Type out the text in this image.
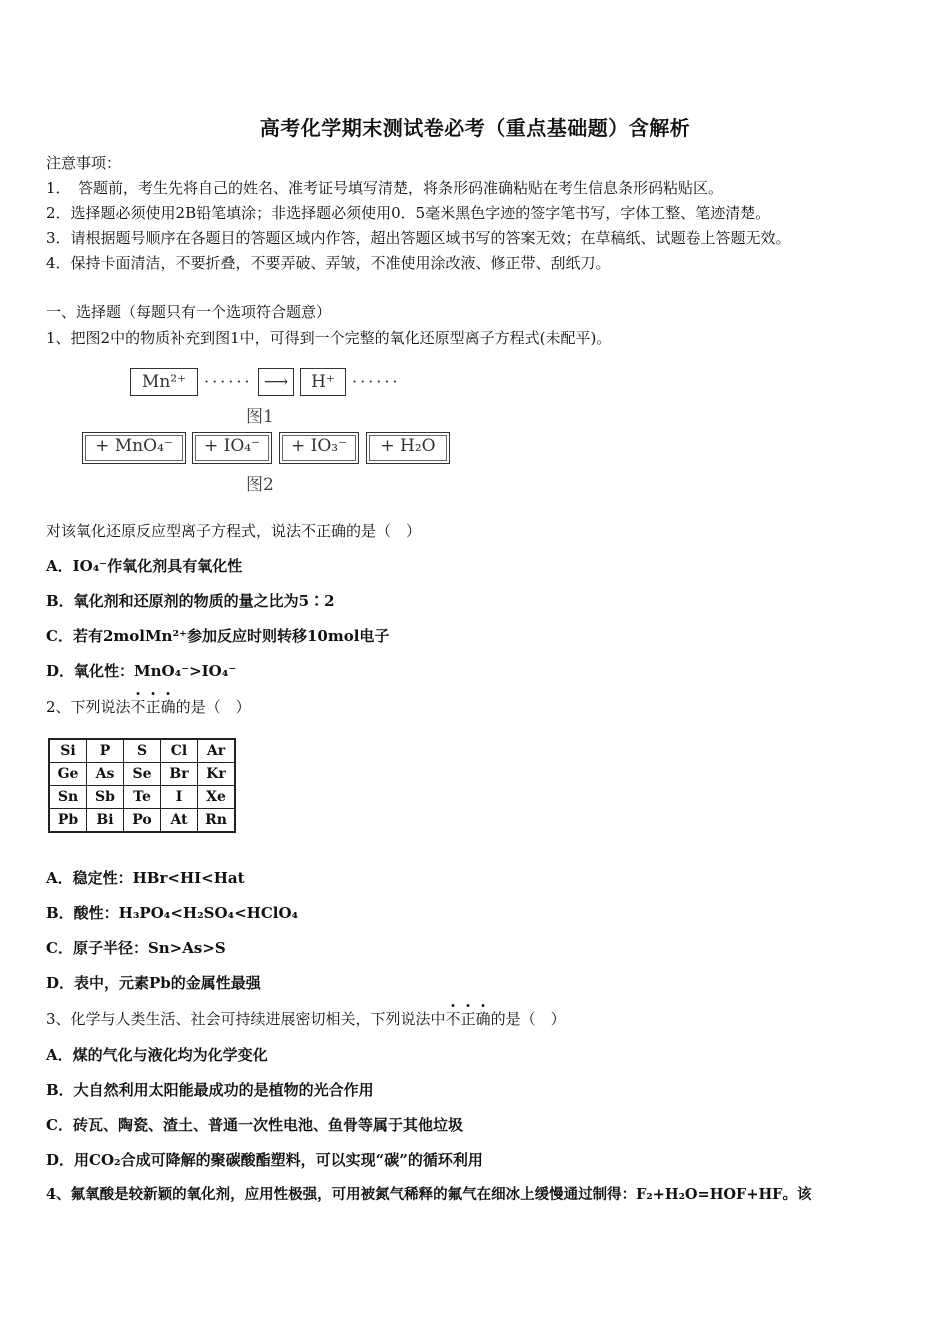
高考化学期末测试卷必考（重点基础题）含解析
注意事项：
1．　答题前，考生先将自己的姓名、准考证号填写清楚，将条形码准确粘贴在考生信息条形码粘贴区。
2．选择题必须使用2B铅笔填涂；非选择题必须使用0．5毫米黑色字迹的签字笔书写，字体工整、笔迹清楚。
3．请根据题号顺序在各题目的答题区域内作答，超出答题区域书写的答案无效；在草稿纸、试题卷上答题无效。
4．保持卡面清洁，不要折叠，不要弄破、弄皱，不准使用涂改液、修正带、刮纸刀。
一、选择题（每题只有一个选项符合题意）
1、把图2中的物质补充到图1中，可得到一个完整的氧化还原型离子方程式(未配平)。
Mn²⁺	······ ⟶	H⁺	······
图1
+ MnO₄⁻	+ IO₄⁻	+ IO₃⁻	+ H₂O
图2
对该氧化还原反应型离子方程式，说法不正确的是（　）
A．IO₄⁻作氧化剂具有氧化性
B．氧化剂和还原剂的物质的量之比为5∶2
C．若有2molMn²⁺参加反应时则转移10mol电子
D．氧化性：MnO₄⁻>IO₄⁻
2、下列说法不正确的是（　）
Si	P	S	Cl	Ar
Ge	As	Se	Br	Kr
Sn	Sb	Te	I	Xe
Pb	Bi	Po	At	Rn
A．稳定性：HBr<HI<Hat
B．酸性：H₃PO₄<H₂SO₄<HClO₄
C．原子半径：Sn>As>S
D．表中，元素Pb的金属性最强
3、化学与人类生活、社会可持续进展密切相关，下列说法中不正确的是（　）
A．煤的气化与液化均为化学变化
B．大自然利用太阳能最成功的是植物的光合作用
C．砖瓦、陶瓷、渣土、普通一次性电池、鱼骨等属于其他垃圾
D．用CO₂合成可降解的聚碳酸酯塑料，可以实现“碳”的循环利用
4、氟氧酸是较新颖的氧化剂，应用性极强，可用被氮气稀释的氟气在细冰上缓慢通过制得：F₂+H₂O=HOF+HF。该
